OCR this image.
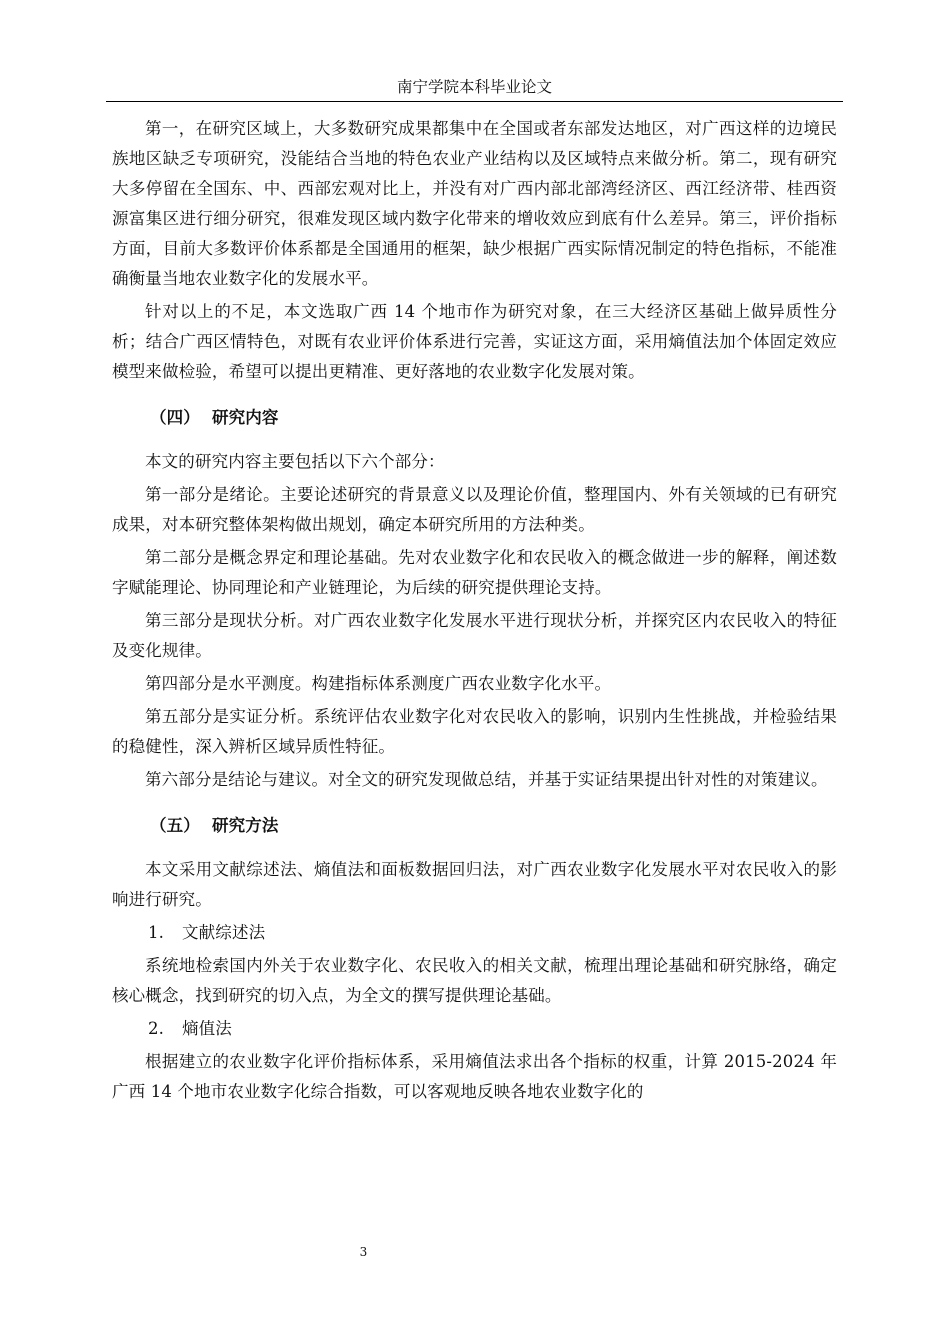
南宁学院本科毕业论文

第一，在研究区域上，大多数研究成果都集中在全国或者东部发达地区，对广西这样的边境民族地区缺乏专项研究，没能结合当地的特色农业产业结构以及区域特点来做分析。第二，现有研究大多停留在全国东、中、西部宏观对比上，并没有对广西内部北部湾经济区、西江经济带、桂西资源富集区进行细分研究，很难发现区域内数字化带来的增收效应到底有什么差异。第三，评价指标方面，目前大多数评价体系都是全国通用的框架，缺少根据广西实际情况制定的特色指标，不能准确衡量当地农业数字化的发展水平。

针对以上的不足，本文选取广西 14 个地市作为研究对象，在三大经济区基础上做异质性分析；结合广西区情特色，对既有农业评价体系进行完善，实证这方面，采用熵值法加个体固定效应模型来做检验，希望可以提出更精准、更好落地的农业数字化发展对策。

（四） 研究内容

本文的研究内容主要包括以下六个部分：

第一部分是绪论。主要论述研究的背景意义以及理论价值，整理国内、外有关领域的已有研究成果，对本研究整体架构做出规划，确定本研究所用的方法种类。

第二部分是概念界定和理论基础。先对农业数字化和农民收入的概念做进一步的解释，阐述数字赋能理论、协同理论和产业链理论，为后续的研究提供理论支持。

第三部分是现状分析。对广西农业数字化发展水平进行现状分析，并探究区内农民收入的特征及变化规律。

第四部分是水平测度。构建指标体系测度广西农业数字化水平。

第五部分是实证分析。系统评估农业数字化对农民收入的影响，识别内生性挑战，并检验结果的稳健性，深入辨析区域异质性特征。

第六部分是结论与建议。对全文的研究发现做总结，并基于实证结果提出针对性的对策建议。

（五） 研究方法

本文采用文献综述法、熵值法和面板数据回归法，对广西农业数字化发展水平对农民收入的影响进行研究。

1. 文献综述法

系统地检索国内外关于农业数字化、农民收入的相关文献，梳理出理论基础和研究脉络，确定核心概念，找到研究的切入点，为全文的撰写提供理论基础。

2. 熵值法

根据建立的农业数字化评价指标体系，采用熵值法求出各个指标的权重，计算 2015-2024 年广西 14 个地市农业数字化综合指数，可以客观地反映各地农业数字化的

3
